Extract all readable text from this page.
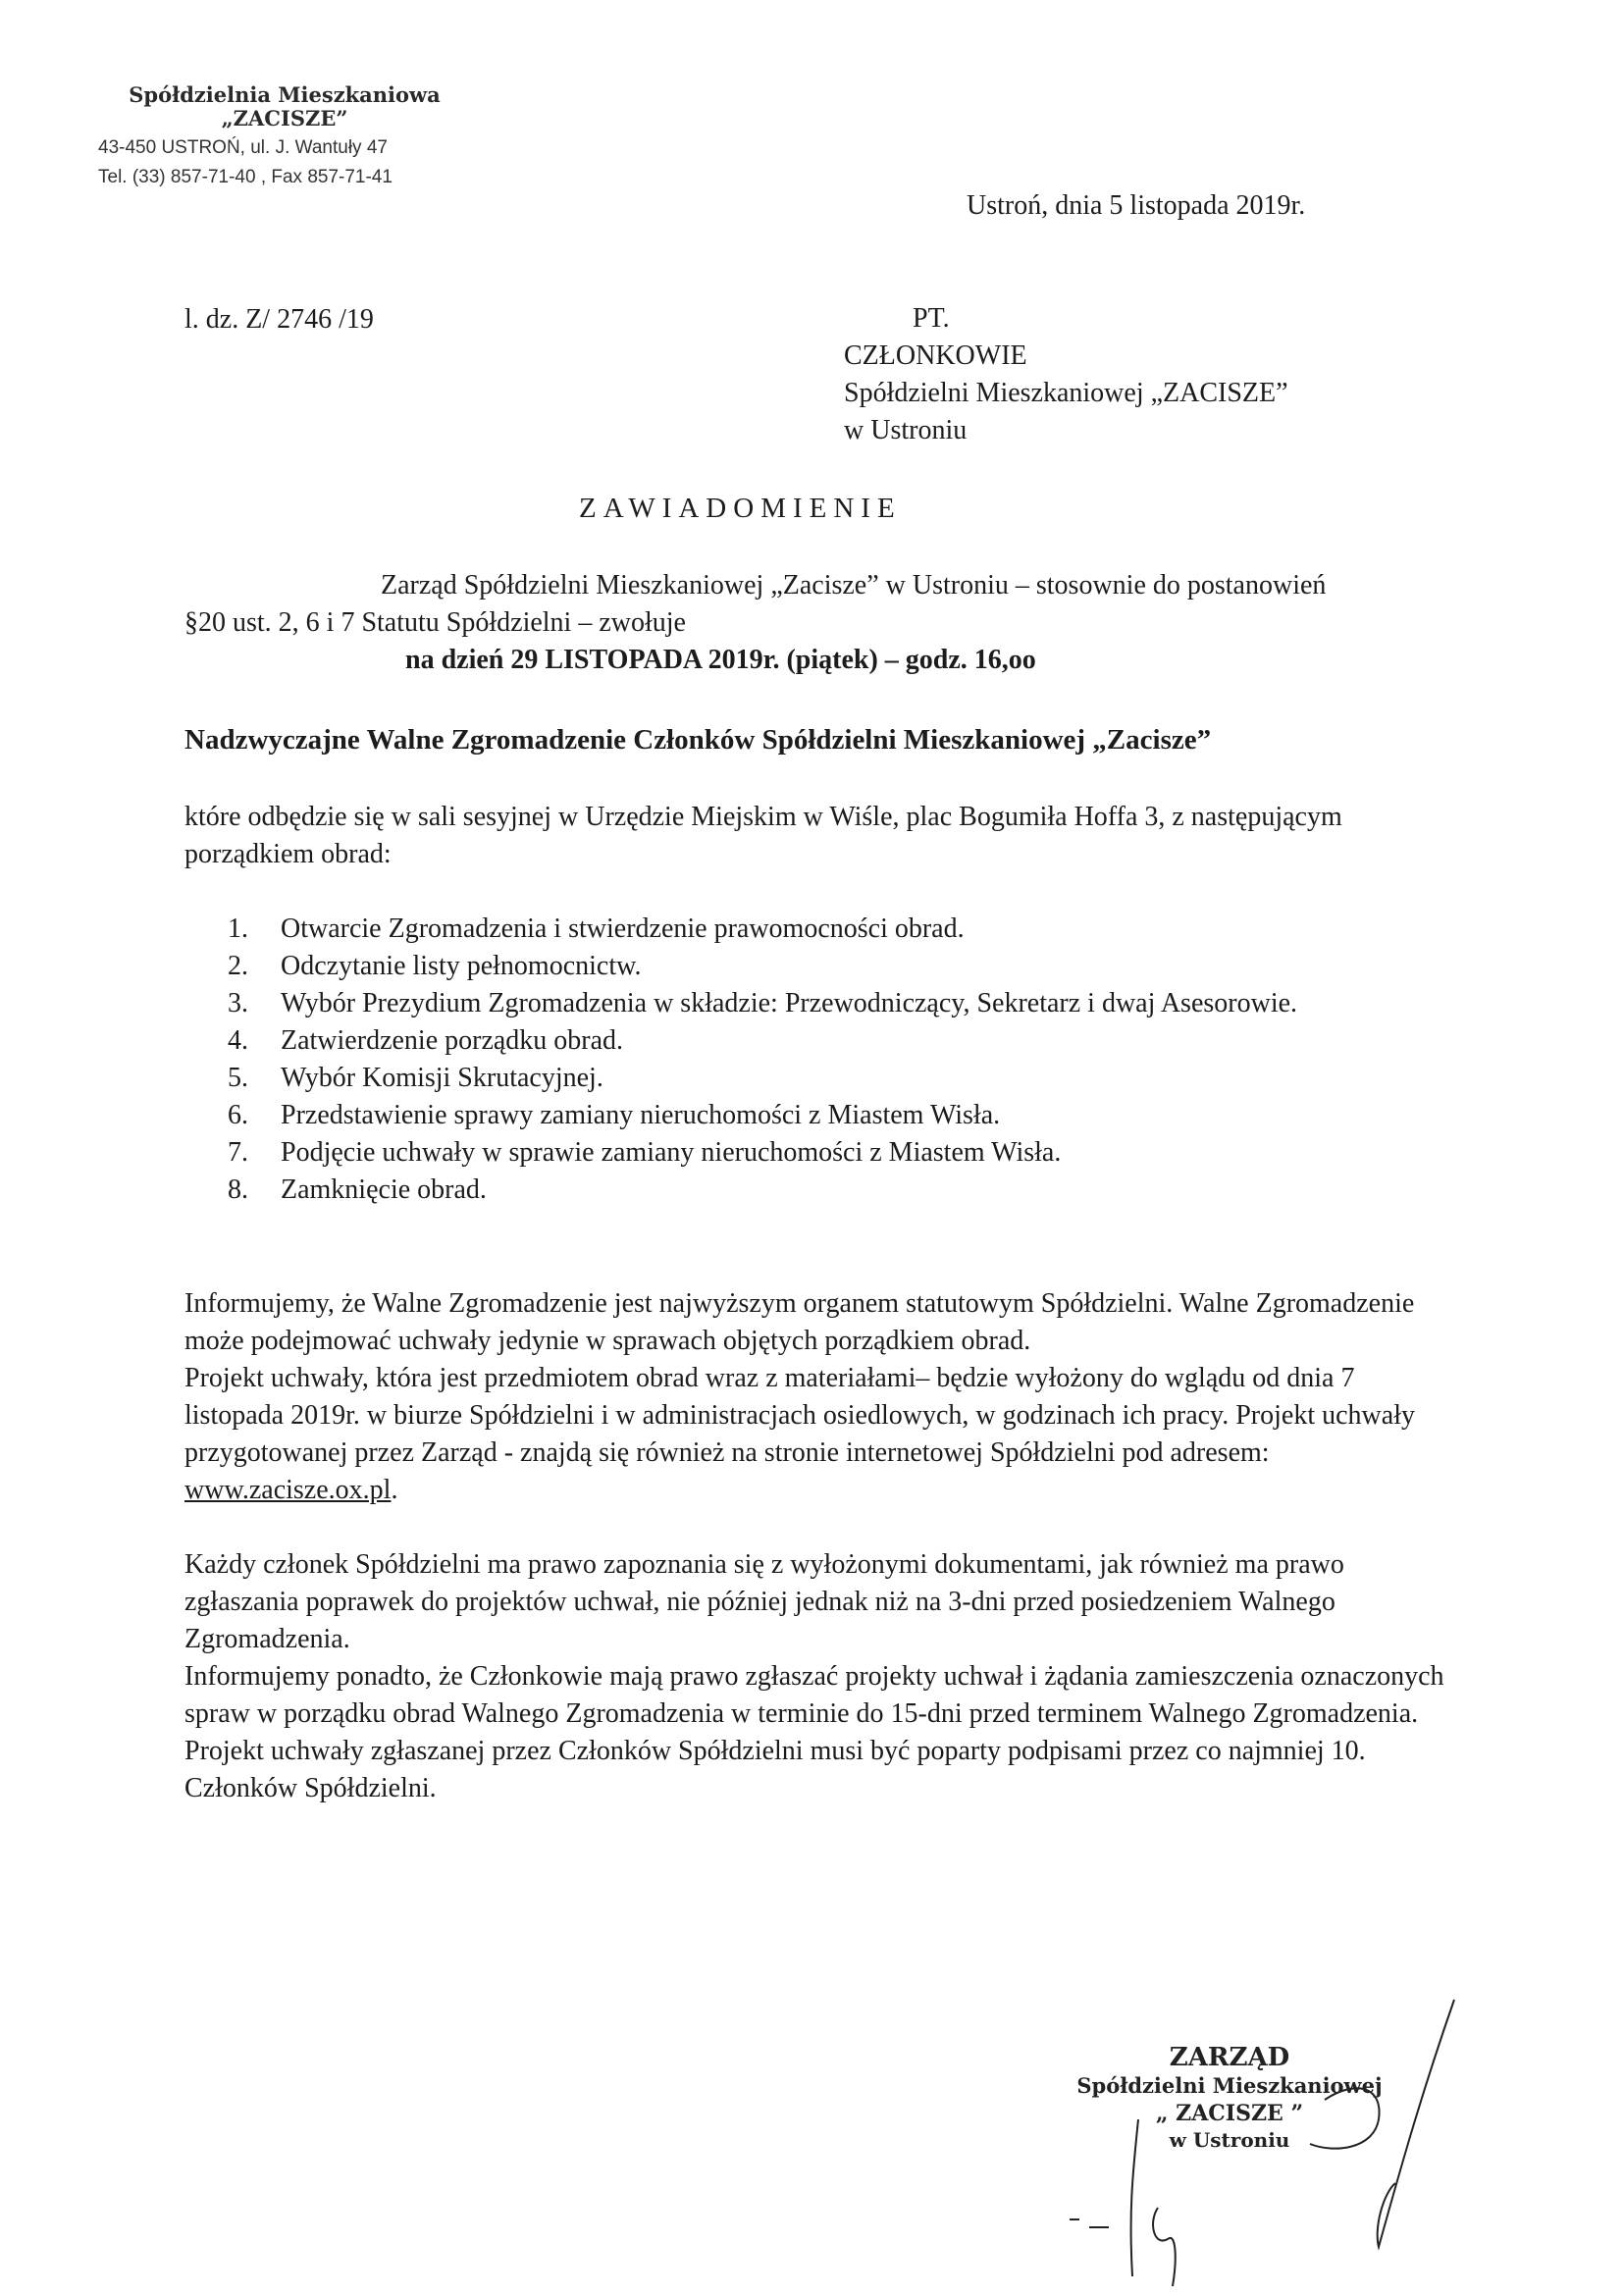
Spółdzielnia Mieszkaniowa
„ZACISZE”
43-450 USTROŃ, ul. J. Wantuły 47
Tel. (33) 857-71-40 , Fax 857-71-41
Ustroń, dnia 5 listopada 2019r.
l. dz. Z/ 2746 /19	PT.
CZŁONKOWIE
Spółdzielni Mieszkaniowej „ZACISZE”
w Ustroniu
ZAWIADOMIENIE
Zarząd Spółdzielni Mieszkaniowej „Zacisze” w Ustroniu – stosownie do postanowień
§20 ust. 2, 6 i 7 Statutu Spółdzielni – zwołuje
na dzień 29 LISTOPADA 2019r. (piątek) – godz. 16,oo
Nadzwyczajne Walne Zgromadzenie Członków Spółdzielni Mieszkaniowej „Zacisze”
które odbędzie się w sali sesyjnej w Urzędzie Miejskim w Wiśle, plac Bogumiła Hoffa 3, z następującym porządkiem obrad:
1.	Otwarcie Zgromadzenia i stwierdzenie prawomocności obrad.
2.	Odczytanie listy pełnomocnictw.
3.	Wybór Prezydium Zgromadzenia w składzie: Przewodniczący, Sekretarz i dwaj Asesorowie.
4.	Zatwierdzenie porządku obrad.
5.	Wybór Komisji Skrutacyjnej.
6.	Przedstawienie sprawy zamiany nieruchomości z Miastem Wisła.
7.	Podjęcie uchwały w sprawie zamiany nieruchomości z Miastem Wisła.
8.	Zamknięcie obrad.

Informujemy, że Walne Zgromadzenie jest najwyższym organem statutowym Spółdzielni. Walne Zgromadzenie może podejmować uchwały jedynie w sprawach objętych porządkiem obrad.

Projekt uchwały, która jest przedmiotem obrad wraz z materiałami– będzie wyłożony do wglądu od dnia 7 listopada 2019r. w biurze Spółdzielni i w administracjach osiedlowych, w godzinach ich pracy. Projekt uchwały przygotowanej przez Zarząd - znajdą się również na stronie internetowej Spółdzielni pod adresem: www.zacisze.ox.pl.

Każdy członek Spółdzielni ma prawo zapoznania się z wyłożonymi dokumentami, jak również ma prawo zgłaszania poprawek do projektów uchwał, nie później jednak niż na 3-dni przed posiedzeniem Walnego Zgromadzenia.

Informujemy ponadto, że Członkowie mają prawo zgłaszać projekty uchwał i żądania zamieszczenia oznaczonych spraw w porządku obrad Walnego Zgromadzenia w terminie do 15-dni przed terminem Walnego Zgromadzenia.

Projekt uchwały zgłaszanej przez Członków Spółdzielni musi być poparty podpisami przez co najmniej 10. Członków Spółdzielni.

ZARZĄD
Spółdzielni Mieszkaniowej
„ ZACISZE ”
w Ustroniu
